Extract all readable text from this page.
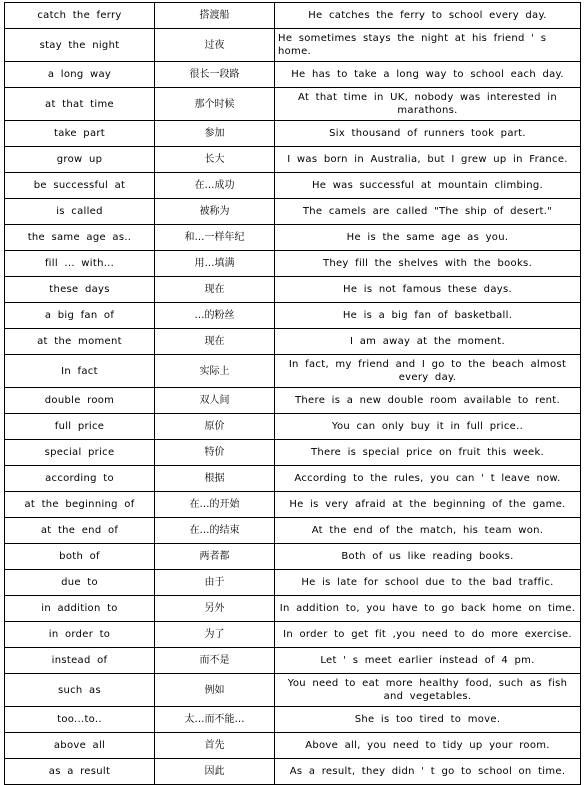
catch the ferry	搭渡船	He catches the ferry to school every day.
stay the night	过夜	He sometimes stays the night at his friend ' s home.
a long way	很长一段路	He has to take a long way to school each day.
at that time	那个时候	At that time in UK, nobody was interested in marathons.
take part	参加	Six thousand of runners took part.
grow up	长大	I was born in Australia, but I grew up in France.
be successful at	在…成功	He was successful at mountain climbing.
is called	被称为	The camels are called "The ship of desert."
the same age as..	和…一样年纪	He is the same age as you.
fill ... with...	用…填满	They fill the shelves with the books.
these days	现在	He is not famous these days.
a big fan of	…的粉丝	He is a big fan of basketball.
at the moment	现在	I am away at the moment.
In fact	实际上	In fact, my friend and I go to the beach almost every day.
double room	双人间	There is a new double room available to rent.
full price	原价	You can only buy it in full price..
special price	特价	There is special price on fruit this week.
according to	根据	According to the rules, you can ' t leave now.
at the beginning of	在…的开始	He is very afraid at the beginning of the game.
at the end of	在…的结束	At the end of the match, his team won.
both of	两者都	Both of us like reading books.
due to	由于	He is late for school due to the bad traffic.
in addition to	另外	In addition to, you have to go back home on time.
in order to	为了	In order to get fit ,you need to do more exercise.
instead of	而不是	Let ' s meet earlier instead of 4 pm.
such as	例如	You need to eat more healthy food, such as fish and vegetables.
too...to..	太…而不能…	She is too tired to move.
above all	首先	Above all, you need to tidy up your room.
as a result	因此	As a result, they didn ' t go to school on time.
